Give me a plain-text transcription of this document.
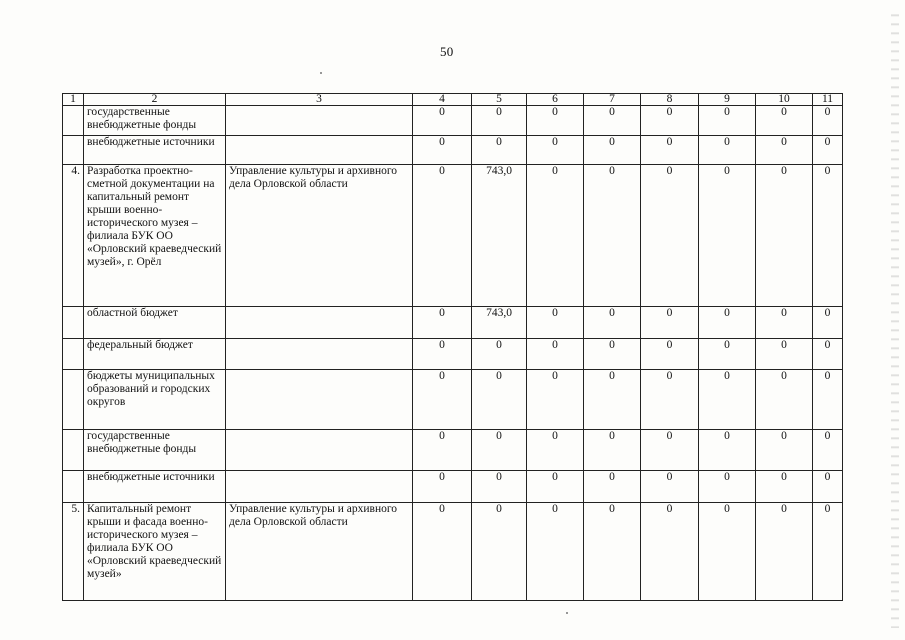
50
1	2	3	4	5	6	7	8	9	10	11
	государственные внебюджетные фонды		0	0	0	0	0	0	0	0
	внебюджетные источники		0	0	0	0	0	0	0	0
4.	Разработка проектно-сметной документации на капитальный ремонт крыши военно-исторического музея – филиала БУК ОО «Орловский краеведческий музей», г. Орёл	Управление культуры и архивного дела Орловской области	0	743,0	0	0	0	0	0	0
	областной бюджет		0	743,0	0	0	0	0	0	0
	федеральный бюджет		0	0	0	0	0	0	0	0
	бюджеты муниципальных образований и городских округов		0	0	0	0	0	0	0	0
	государственные внебюджетные фонды		0	0	0	0	0	0	0	0
	внебюджетные источники		0	0	0	0	0	0	0	0
5.	Капитальный ремонт крыши и фасада военно-исторического музея – филиала БУК ОО «Орловский краеведческий музей»	Управление культуры и архивного дела Орловской области	0	0	0	0	0	0	0	0
